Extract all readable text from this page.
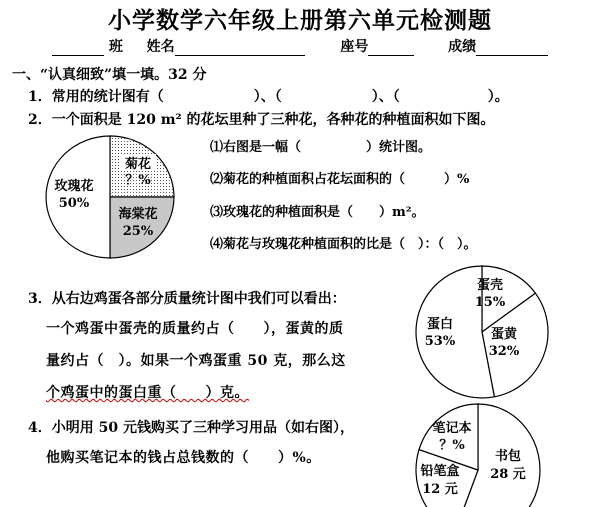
小学数学六年级上册第六单元检测题
班 姓名	座号	成绩
一、“认真细致”填一填。32 分
1．常用的统计图有（	）、（	）、（	）。
2．一个面积是 120 m² 的花坛里种了三种花，各种花的种植面积如下图。
玫瑰花
50%
菊花
？%
海棠花
25%
⑴右图是一幅（　　　　　）统计图。
⑵菊花的种植面积占花坛面积的（　　　）%
⑶玫瑰花的种植面积是（　　）m²。
⑷菊花与玫瑰花种植面积的比是（　）：（　）。
3．从右边鸡蛋各部分质量统计图中我们可以看出：
一个鸡蛋中蛋壳的质量约占（　　），蛋黄的质
量约占（　）。如果一个鸡蛋重 50 克，那么这
个鸡蛋中的蛋白重（　　）克。
蛋壳
15%
蛋黄
32%
蛋白
53%
4．小明用 50 元钱购买了三种学习用品（如右图），
他购买笔记本的钱占总钱数的（　　）%。
笔记本
？%
书包
28 元
铅笔盒
12 元
